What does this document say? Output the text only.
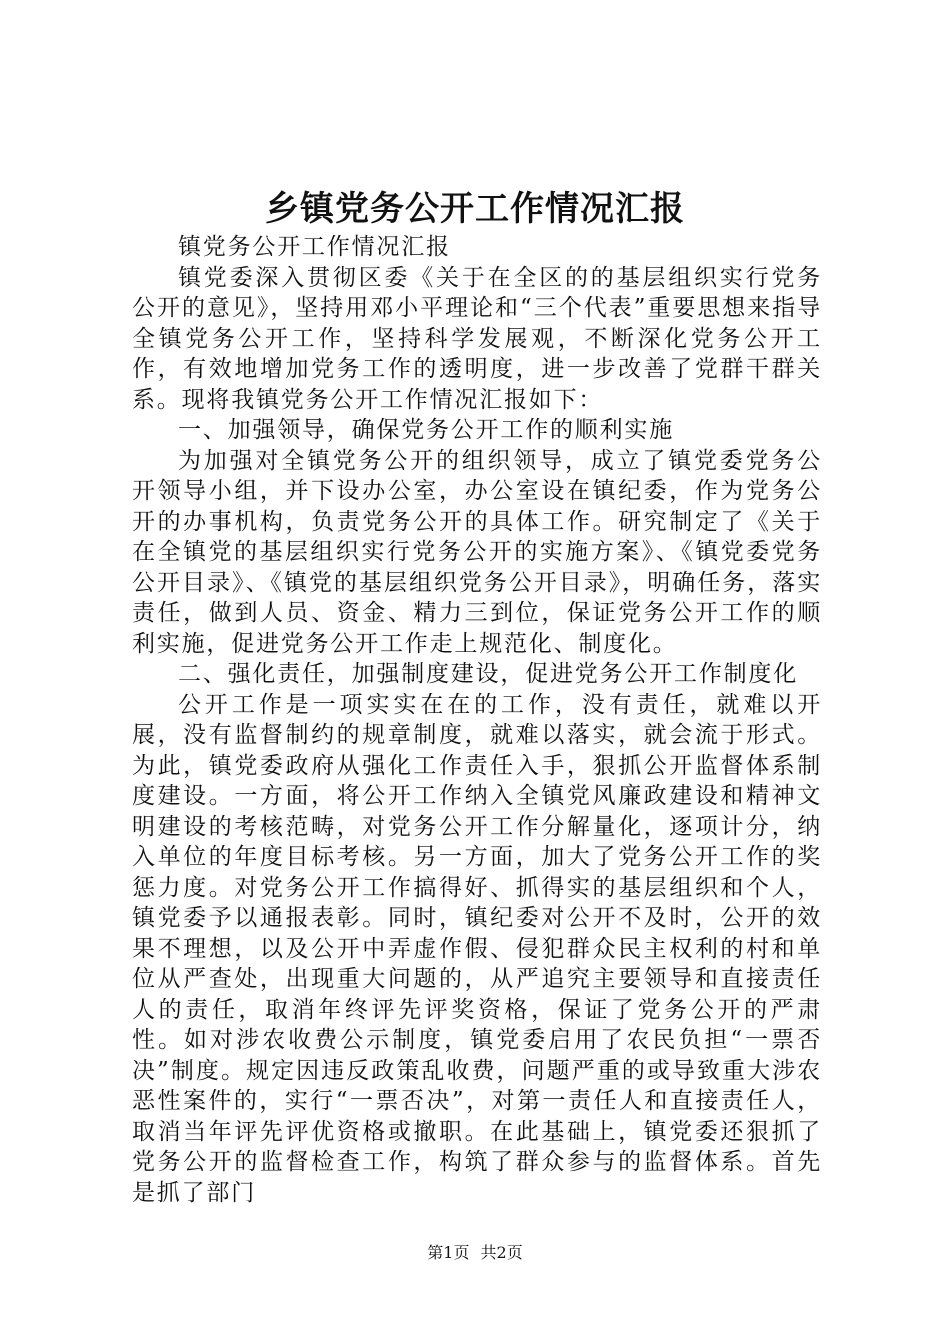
乡镇党务公开工作情况汇报

镇党务公开工作情况汇报

镇党委深入贯彻区委《关于在全区的的基层组织实行党务公开的意见》，坚持用邓小平理论和“三个代表”重要思想来指导全镇党务公开工作，坚持科学发展观，不断深化党务公开工作，有效地增加党务工作的透明度，进一步改善了党群干群关系。现将我镇党务公开工作情况汇报如下：

一、加强领导，确保党务公开工作的顺利实施

为加强对全镇党务公开的组织领导，成立了镇党委党务公开领导小组，并下设办公室，办公室设在镇纪委，作为党务公开的办事机构，负责党务公开的具体工作。研究制定了《关于在全镇党的基层组织实行党务公开的实施方案》、《镇党委党务公开目录》、《镇党的基层组织党务公开目录》，明确任务，落实责任，做到人员、资金、精力三到位，保证党务公开工作的顺利实施，促进党务公开工作走上规范化、制度化。

二、强化责任，加强制度建设，促进党务公开工作制度化

公开工作是一项实实在在的工作，没有责任，就难以开展，没有监督制约的规章制度，就难以落实，就会流于形式。为此，镇党委政府从强化工作责任入手，狠抓公开监督体系制度建设。一方面，将公开工作纳入全镇党风廉政建设和精神文明建设的考核范畴，对党务公开工作分解量化，逐项计分，纳入单位的年度目标考核。另一方面，加大了党务公开工作的奖惩力度。对党务公开工作搞得好、抓得实的基层组织和个人，镇党委予以通报表彰。同时，镇纪委对公开不及时，公开的效果不理想，以及公开中弄虚作假、侵犯群众民主权利的村和单位从严查处，出现重大问题的，从严追究主要领导和直接责任人的责任，取消年终评先评奖资格，保证了党务公开的严肃性。如对涉农收费公示制度，镇党委启用了农民负担“一票否决”制度。规定因违反政策乱收费，问题严重的或导致重大涉农恶性案件的，实行“一票否决”，对第一责任人和直接责任人，取消当年评先评优资格或撤职。在此基础上，镇党委还狠抓了党务公开的监督检查工作，构筑了群众参与的监督体系。首先是抓了部门

第1页 共2页
